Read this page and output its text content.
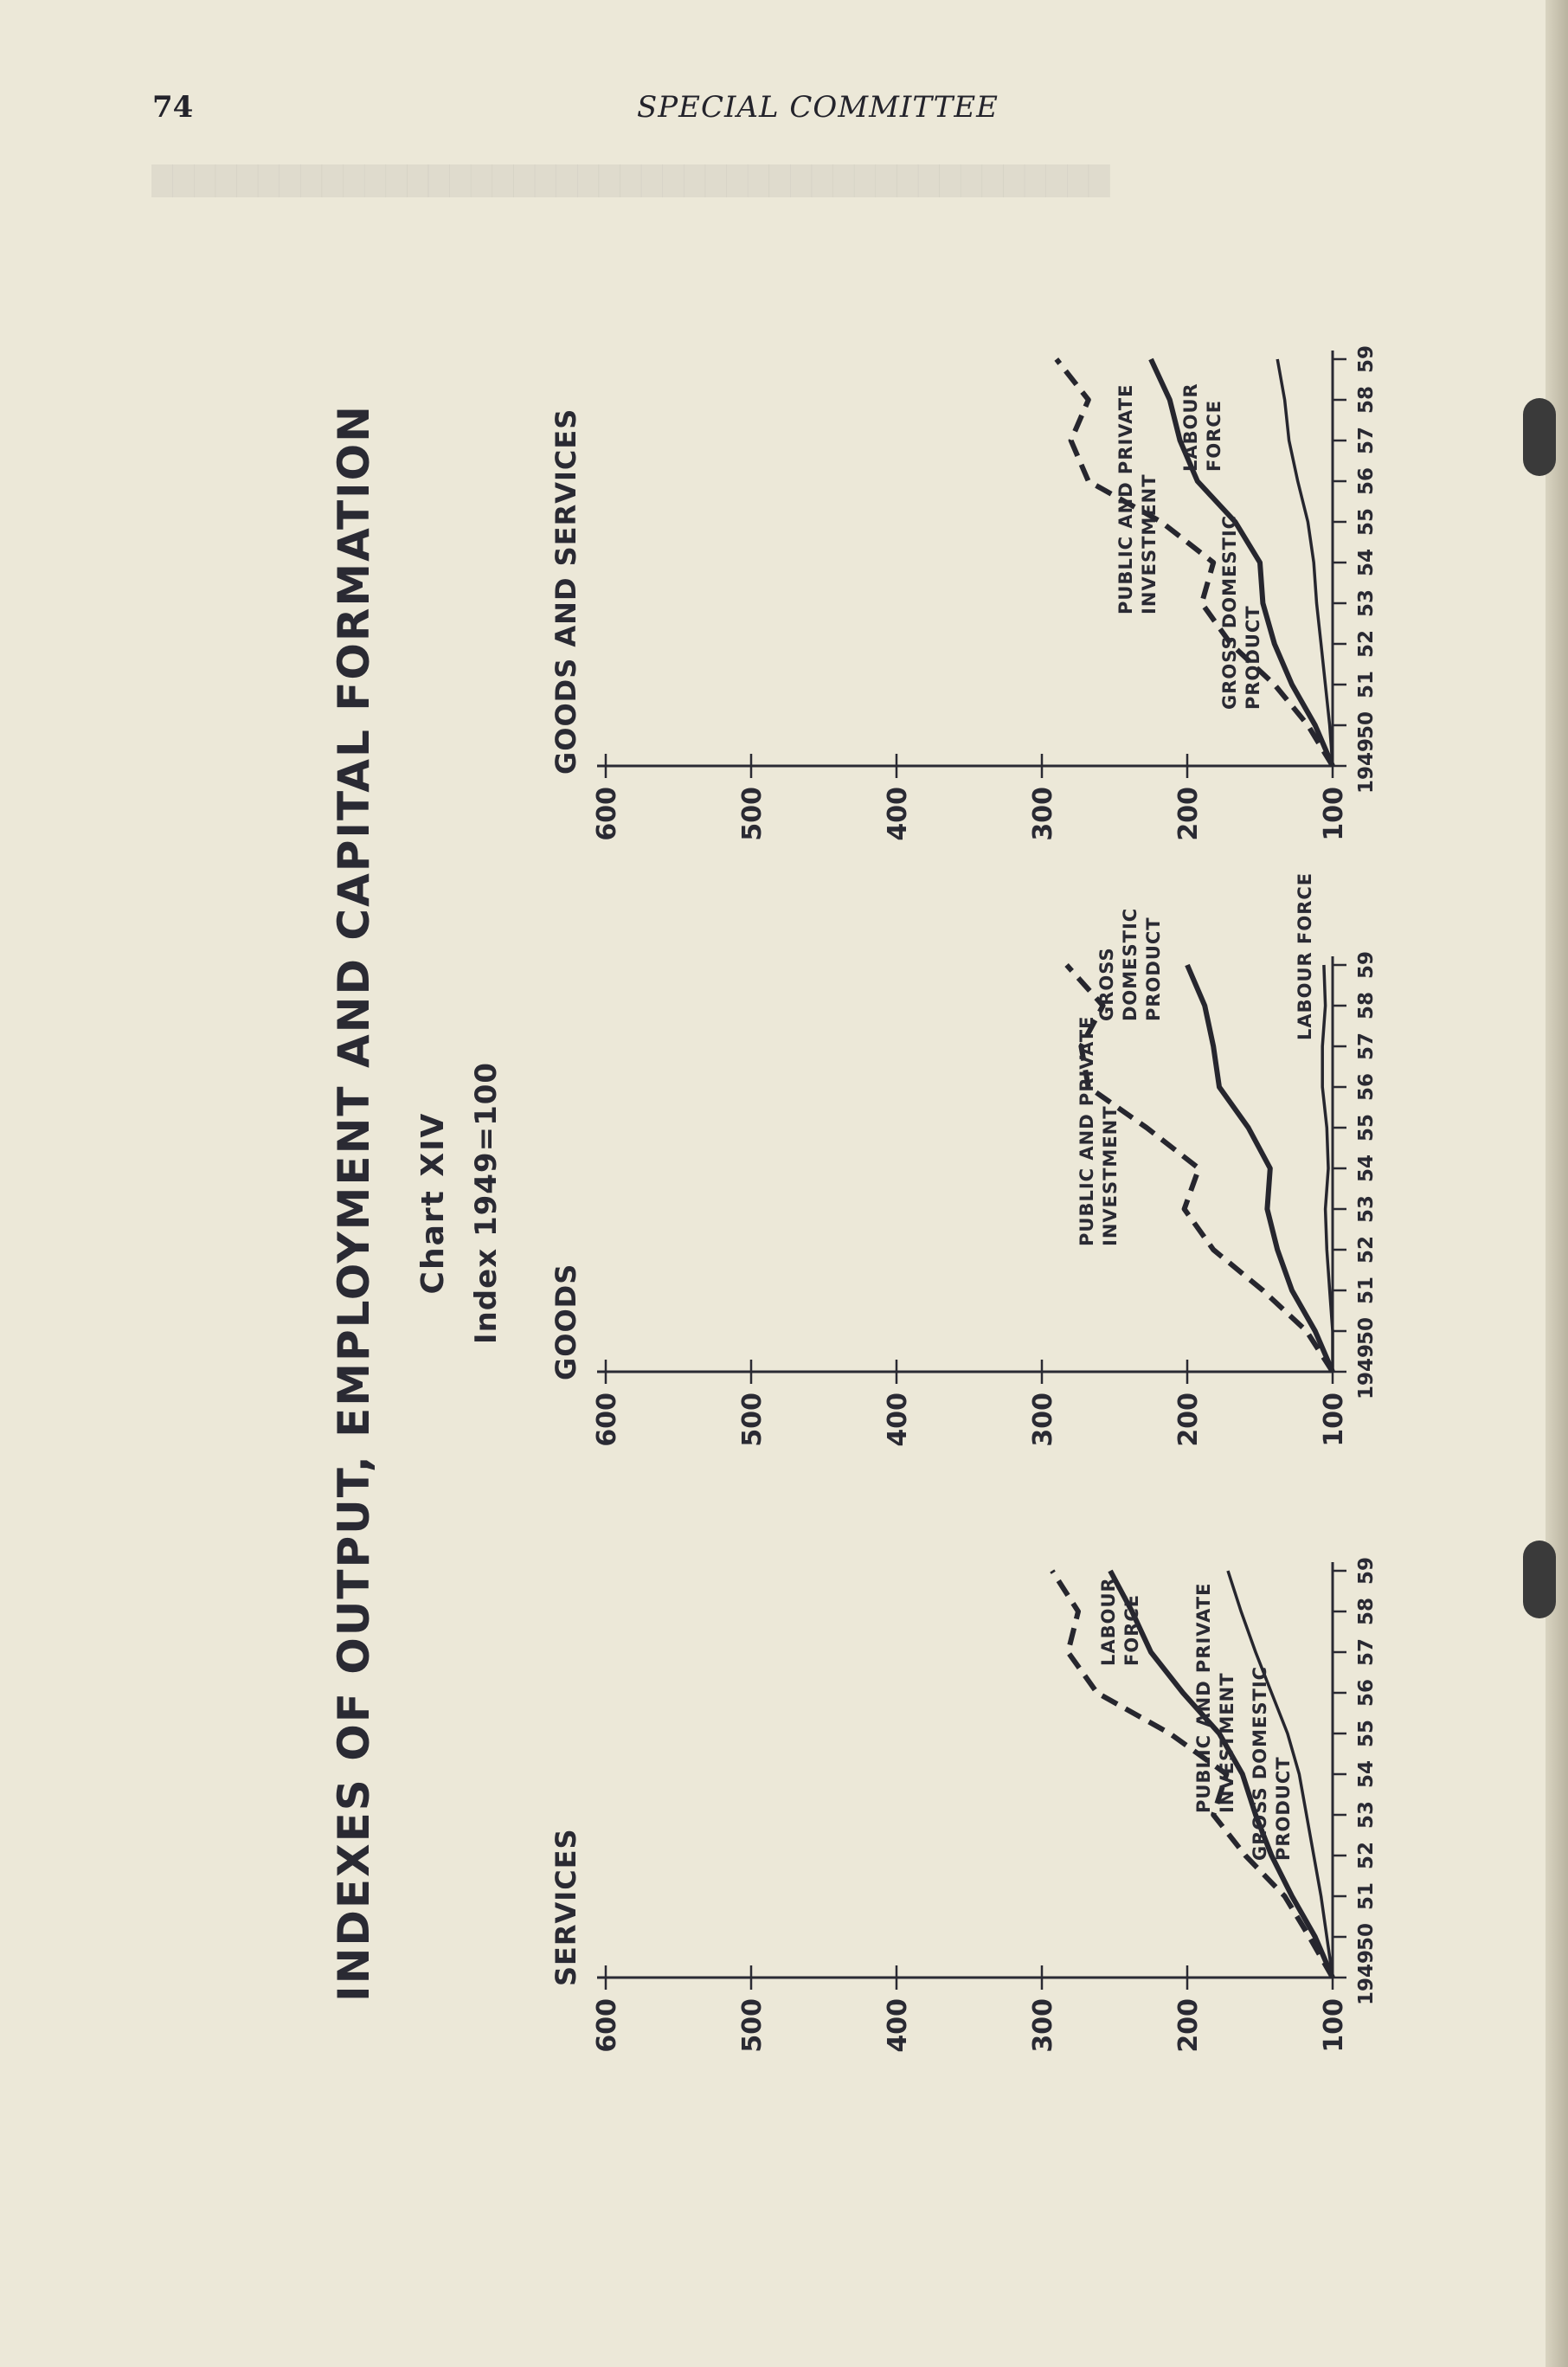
74	SPECIAL COMMITTEE
█████████████████████████████████████████████
INDEXES OF OUTPUT, EMPLOYMENT AND CAPITAL FORMATION Chart XIV Index 1949=100
SERVICES
100
200
300
400
500
600
1949
50
51
52
53
54
55
56
57
58
59
GROSS DOMESTIC PRODUCT
PUBLIC AND PRIVATE INVESTMENT
LABOUR FORCE
GOODS
100
200
300
400
500
600
1949
50
51
52
53
54
55
56
57
58
59
PUBLIC AND PRIVATE INVESTMENT
GROSS DOMESTIC PRODUCT	LABOUR FORCE
GOODS AND SERVICES
100
200
300
400
500
600
1949
50
51
52
53
54
55
56
57
58
59
GROSS DOMESTIC PRODUCT
PUBLIC AND PRIVATE INVESTMENT
LABOUR FORCE
